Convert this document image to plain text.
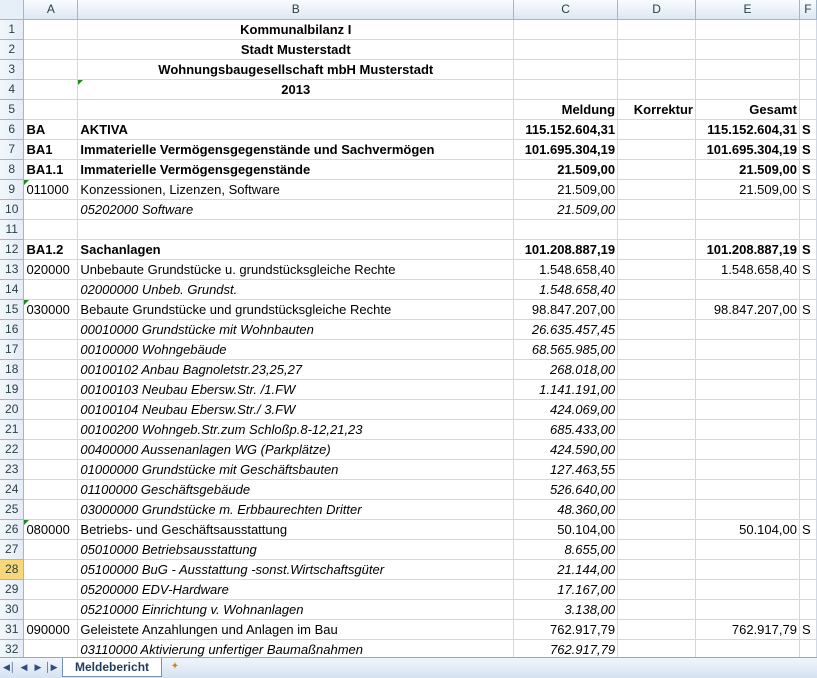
	A	B	C	D	E	F
1		Kommunalbilanz I				
2		Stadt Musterstadt				
3		Wohnungsbaugesellschaft mbH Musterstadt				
4		2013				
5			Meldung	Korrektur	Gesamt	
6	BA	AKTIVA	115.152.604,31		115.152.604,31	S
7	BA1	Immaterielle Vermögensgegenstände und Sachvermögen	101.695.304,19		101.695.304,19	S
8	BA1.1	Immaterielle Vermögensgegenstände	21.509,00		21.509,00	S
9	011000	Konzessionen, Lizenzen, Software	21.509,00		21.509,00	S
10		05202000 Software	21.509,00			
11						
12	BA1.2	Sachanlagen	101.208.887,19		101.208.887,19	S
13	020000	Unbebaute Grundstücke u. grundstücksgleiche Rechte	1.548.658,40		1.548.658,40	S
14		02000000 Unbeb. Grundst.	1.548.658,40			
15	030000	Bebaute Grundstücke und grundstücksgleiche Rechte	98.847.207,00		98.847.207,00	S
16		00010000 Grundstücke mit Wohnbauten	26.635.457,45			
17		00100000 Wohngebäude	68.565.985,00			
18		00100102 Anbau Bagnoletstr.23,25,27	268.018,00			
19		00100103 Neubau Ebersw.Str. /1.FW	1.141.191,00			
20		00100104 Neubau Ebersw.Str./ 3.FW	424.069,00			
21		00100200 Wohngeb.Str.zum Schloßp.8-12,21,23	685.433,00			
22		00400000 Aussenanlagen WG (Parkplätze)	424.590,00			
23		01000000 Grundstücke mit Geschäftsbauten	127.463,55			
24		01100000 Geschäftsgebäude	526.640,00			
25		03000000 Grundstücke m. Erbbaurechten Dritter	48.360,00			
26	080000	Betriebs- und Geschäftsausstattung	50.104,00		50.104,00	S
27		05010000 Betriebsausstattung	8.655,00			
28		05100000 BuG - Ausstattung -sonst.Wirtschaftsgüter	21.144,00			
29		05200000 EDV-Hardware	17.167,00			
30		05210000 Einrichtung v. Wohnanlagen	3.138,00			
31	090000	Geleistete Anzahlungen und Anlagen im Bau	762.917,79		762.917,79	S
32		03110000 Aktivierung unfertiger Baumaßnahmen	762.917,79			
◀│ ◀ ▶ │▶	Meldebericht	✦
